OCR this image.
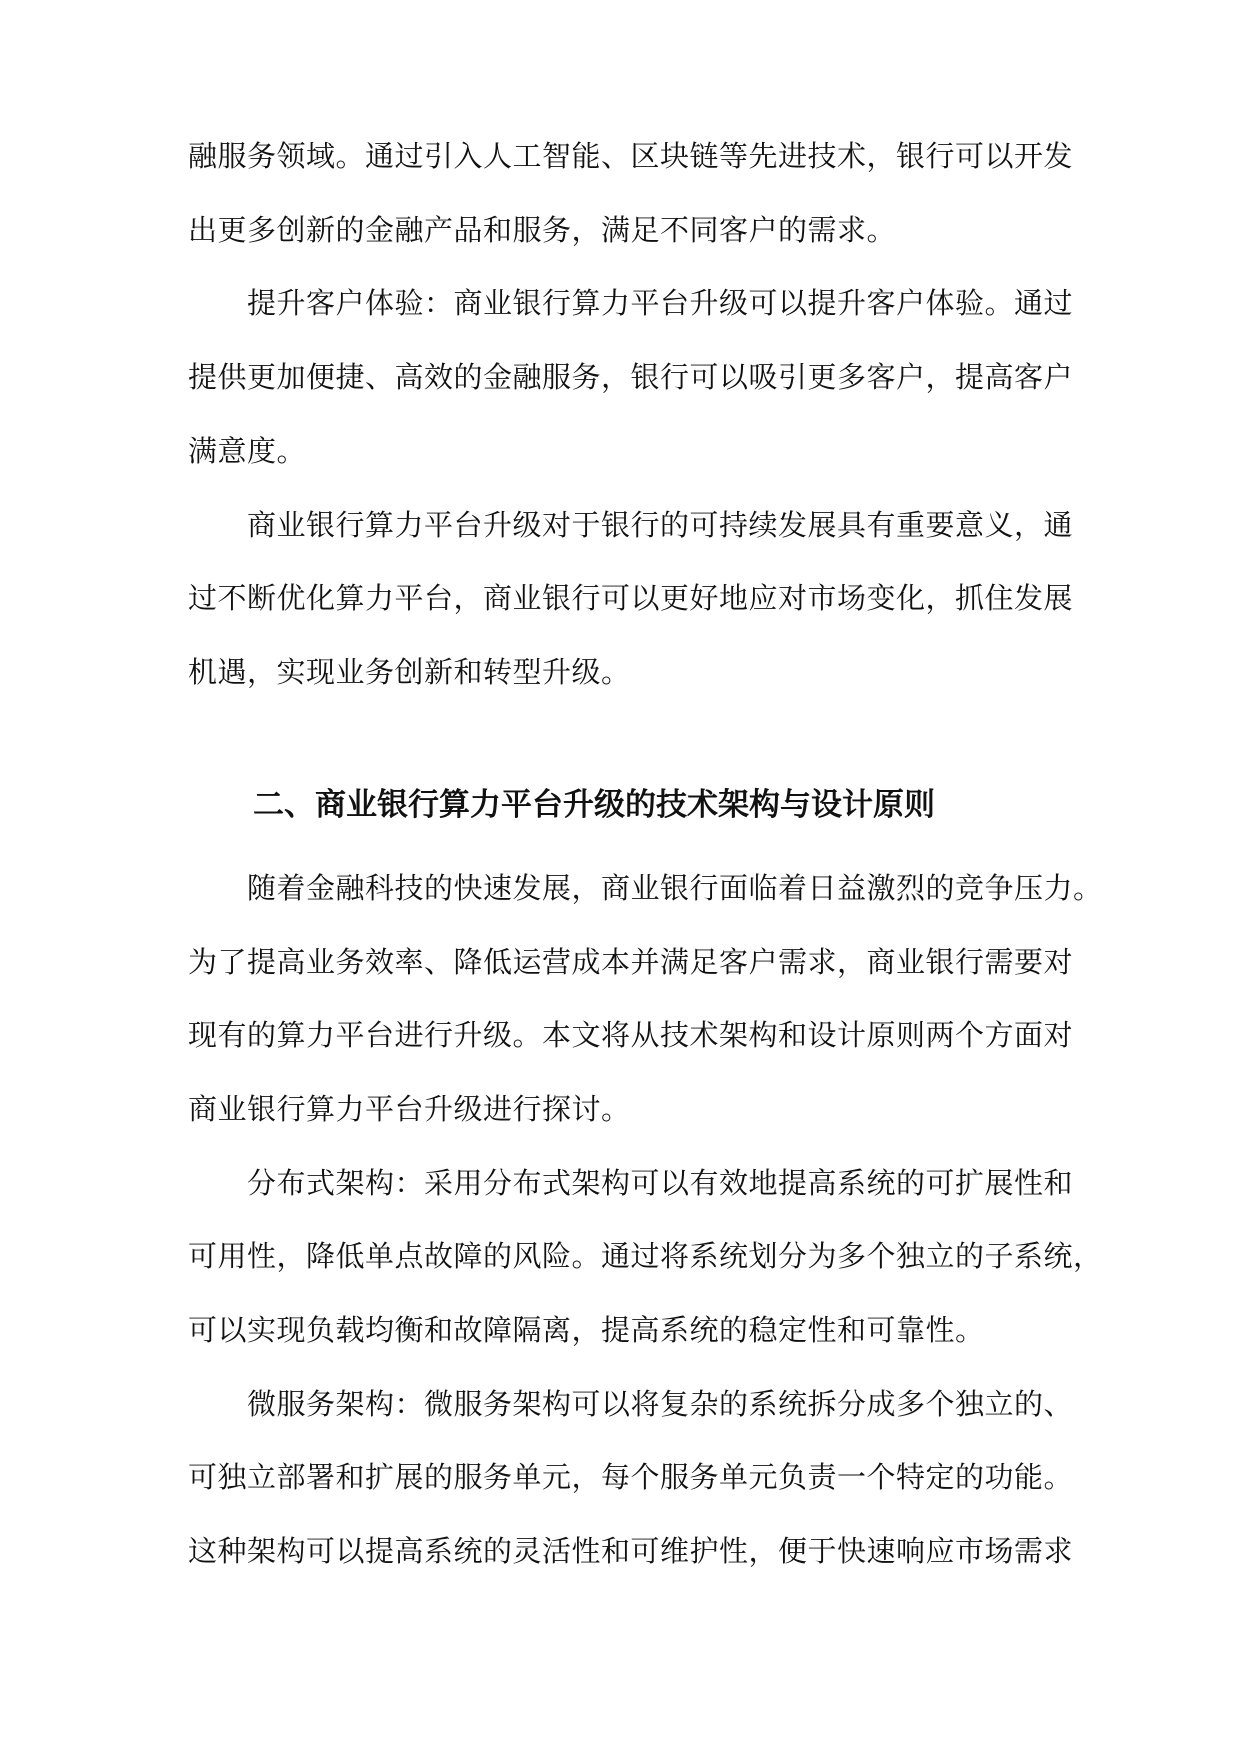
融服务领域。通过引入人工智能、区块链等先进技术，银行可以开发
出更多创新的金融产品和服务，满足不同客户的需求。
提升客户体验：商业银行算力平台升级可以提升客户体验。通过
提供更加便捷、高效的金融服务，银行可以吸引更多客户，提高客户
满意度。
商业银行算力平台升级对于银行的可持续发展具有重要意义，通
过不断优化算力平台，商业银行可以更好地应对市场变化，抓住发展
机遇，实现业务创新和转型升级。
二、商业银行算力平台升级的技术架构与设计原则
随着金融科技的快速发展，商业银行面临着日益激烈的竞争压力。
为了提高业务效率、降低运营成本并满足客户需求，商业银行需要对
现有的算力平台进行升级。本文将从技术架构和设计原则两个方面对
商业银行算力平台升级进行探讨。
分布式架构：采用分布式架构可以有效地提高系统的可扩展性和
可用性，降低单点故障的风险。通过将系统划分为多个独立的子系统，
可以实现负载均衡和故障隔离，提高系统的稳定性和可靠性。
微服务架构：微服务架构可以将复杂的系统拆分成多个独立的、
可独立部署和扩展的服务单元，每个服务单元负责一个特定的功能。
这种架构可以提高系统的灵活性和可维护性，便于快速响应市场需求
